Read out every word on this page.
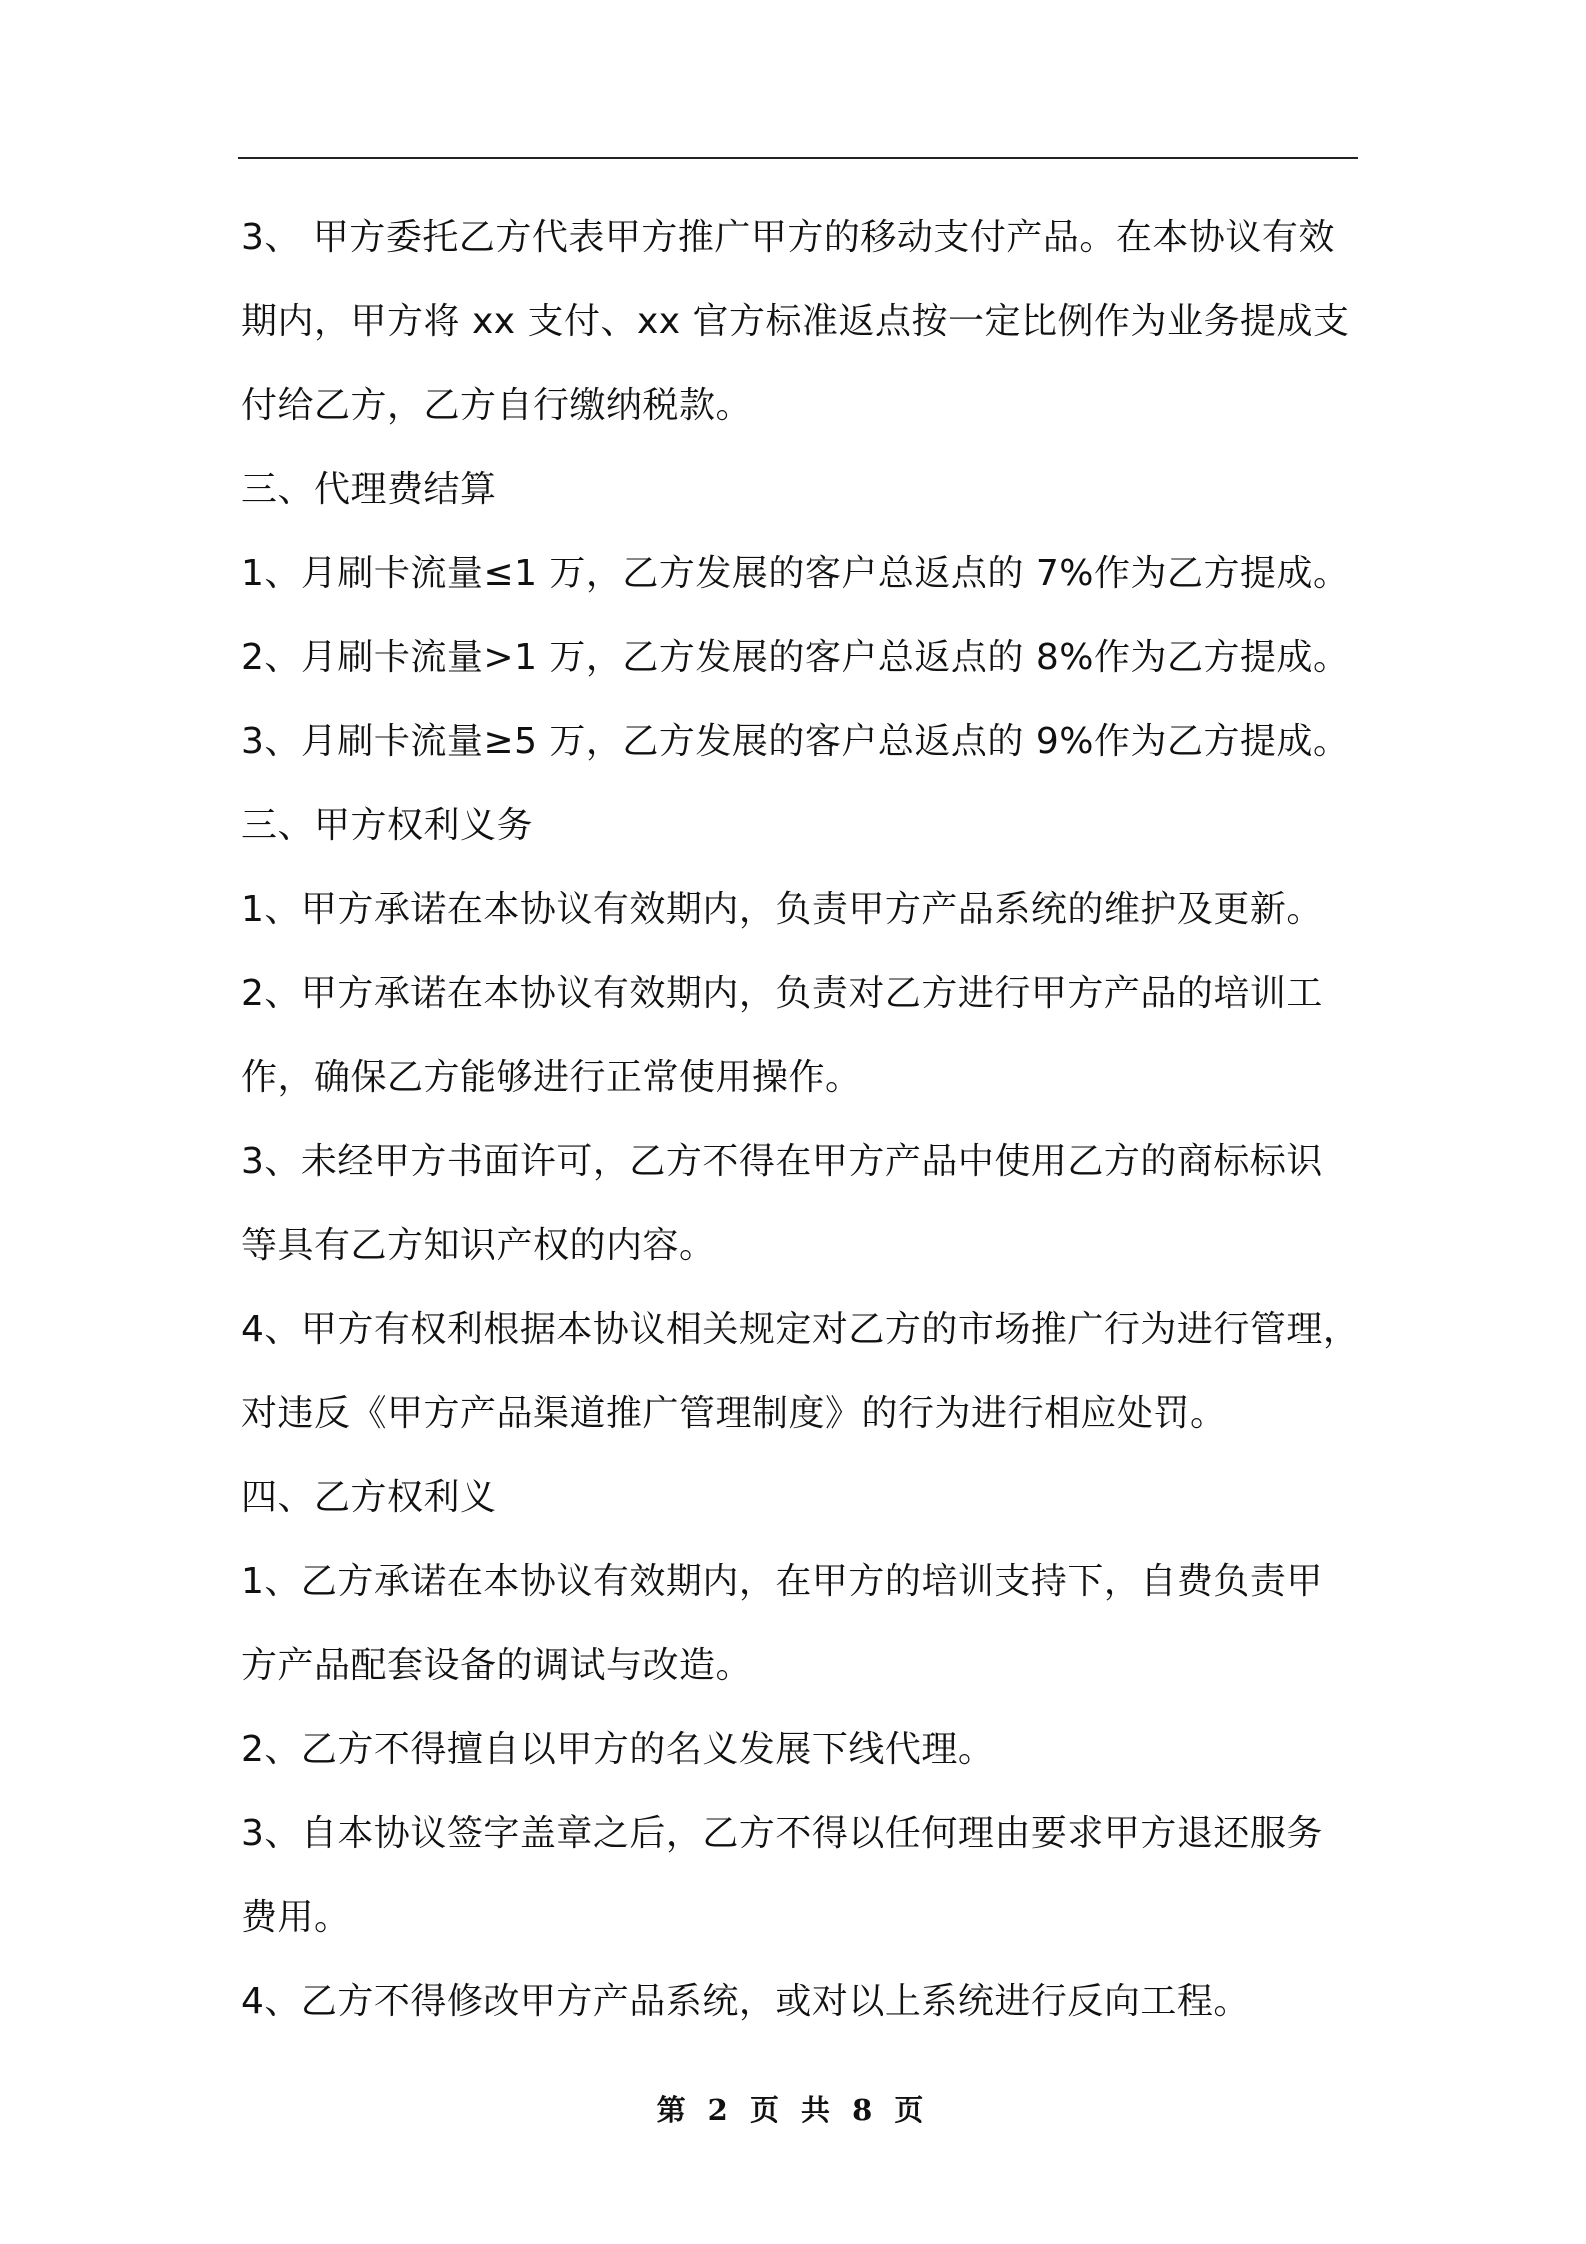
3、 甲方委托乙方代表甲方推广甲方的移动支付产品。在本协议有效
期内，甲方将 xx 支付、xx 官方标准返点按一定比例作为业务提成支
付给乙方，乙方自行缴纳税款。
三、代理费结算
1、月刷卡流量≤1 万，乙方发展的客户总返点的 7%作为乙方提成。
2、月刷卡流量>1 万，乙方发展的客户总返点的 8%作为乙方提成。
3、月刷卡流量≥5 万，乙方发展的客户总返点的 9%作为乙方提成。
三、甲方权利义务
1、甲方承诺在本协议有效期内，负责甲方产品系统的维护及更新。
2、甲方承诺在本协议有效期内，负责对乙方进行甲方产品的培训工
作，确保乙方能够进行正常使用操作。
3、未经甲方书面许可，乙方不得在甲方产品中使用乙方的商标标识
等具有乙方知识产权的内容。
4、甲方有权利根据本协议相关规定对乙方的市场推广行为进行管理，
对违反《甲方产品渠道推广管理制度》的行为进行相应处罚。
四、乙方权利义
1、乙方承诺在本协议有效期内，在甲方的培训支持下，自费负责甲
方产品配套设备的调试与改造。
2、乙方不得擅自以甲方的名义发展下线代理。
3、自本协议签字盖章之后，乙方不得以任何理由要求甲方退还服务
费用。
4、乙方不得修改甲方产品系统，或对以上系统进行反向工程。
第 2 页 共 8 页
